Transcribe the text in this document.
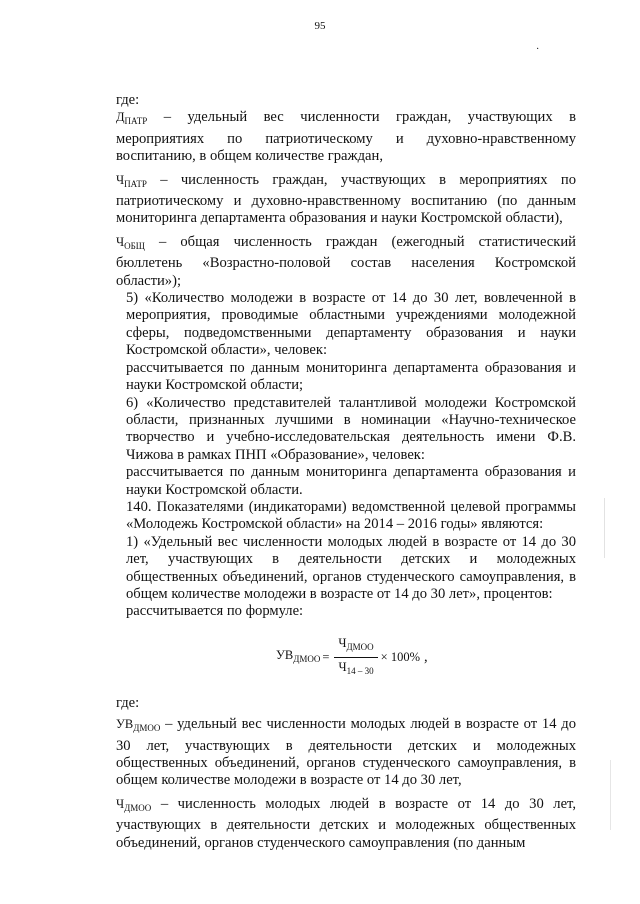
95
·

где:

$Д_{ПАТР}$ – удельный вес численности граждан, участвующих в мероприятиях по патриотическому и духовно-нравственному воспитанию, в общем количестве граждан,

$Ч_{ПАТР}$ – численность граждан, участвующих в мероприятиях по патриотическому и духовно-нравственному воспитанию (по данным мониторинга департамента образования и науки Костромской области),

$Ч_{ОБЩ}$ – общая численность граждан (ежегодный статистический бюллетень «Возрастно-половой состав населения Костромской области»);

5) «Количество молодежи в возрасте от 14 до 30 лет, вовлеченной в мероприятия, проводимые областными учреждениями молодежной сферы, подведомственными департаменту образования и науки Костромской области», человек:

рассчитывается по данным мониторинга департамента образования и науки Костромской области;

6) «Количество представителей талантливой молодежи Костромской области, признанных лучшими в номинации «Научно-техническое творчество и учебно-исследовательская деятельность имени Ф.В. Чижова в рамках ПНП «Образование», человек:

рассчитывается по данным мониторинга департамента образования и науки Костромской области.

140. Показателями (индикаторами) ведомственной целевой программы «Молодежь Костромской области» на 2014 – 2016 годы» являются:

1) «Удельный вес численности молодых людей в возрасте от 14 до 30 лет, участвующих в деятельности детских и молодежных общественных объединений, органов студенческого самоуправления, в общем количестве молодежи в возрасте от 14 до 30 лет», процентов:

рассчитывается по формуле:

$УВ_{ДМОО} = \frac{Ч_{ДМОО}}{Ч_{14 - 30}} \times 100\%$ ,

где:

$УВ_{ДМОО}$ – удельный вес численности молодых людей в возрасте от 14 до 30 лет, участвующих в деятельности детских и молодежных общественных объединений, органов студенческого самоуправления, в общем количестве молодежи в возрасте от 14 до 30 лет,

$Ч_{ДМОО}$ – численность молодых людей в возрасте от 14 до 30 лет, участвующих в деятельности детских и молодежных общественных объединений, органов студенческого самоуправления (по данным
